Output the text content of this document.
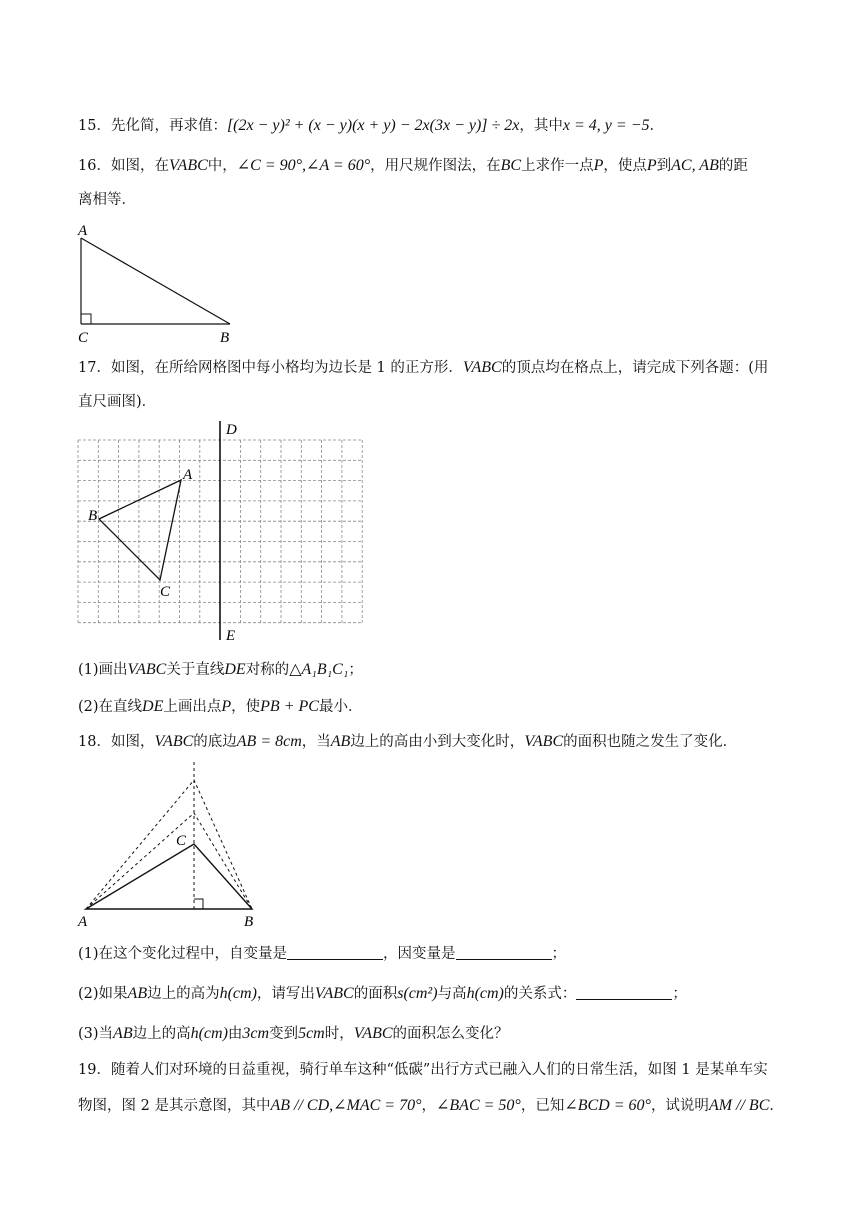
15．先化简，再求值：[(2x − y)² + (x − y)(x + y) − 2x(3x − y)] ÷ 2x，其中x = 4, y = −5．
16．如图，在VABC中，∠C = 90°,∠A = 60°，用尺规作图法，在BC上求作一点P，使点P到AC, AB的距
离相等．
A
C	B
17．如图，在所给网格图中每小格均为边长是 1 的正方形．VABC的顶点均在格点上，请完成下列各题：(用
直尺画图)．
A
B
C
D
E
(1)画出VABC关于直线DE对称的△A₁B₁C₁；
(2)在直线DE上画出点P，使PB + PC最小．
18．如图，VABC的底边AB = 8cm，当AB边上的高由小到大变化时，VABC的面积也随之发生了变化．
A	B
C
(1)在这个变化过程中，自变量是	，因变量是	；
(2)如果AB边上的高为h(cm)，请写出VABC的面积s(cm²)与高h(cm)的关系式：	；
(3)当AB边上的高h(cm)由3cm变到5cm时，VABC的面积怎么变化？
19．随着人们对环境的日益重视，骑行单车这种“低碳”出行方式已融入人们的日常生活，如图 1 是某单车实
物图，图 2 是其示意图，其中AB // CD,∠MAC = 70°，∠BAC = 50°，已知∠BCD = 60°，试说明AM // BC．
